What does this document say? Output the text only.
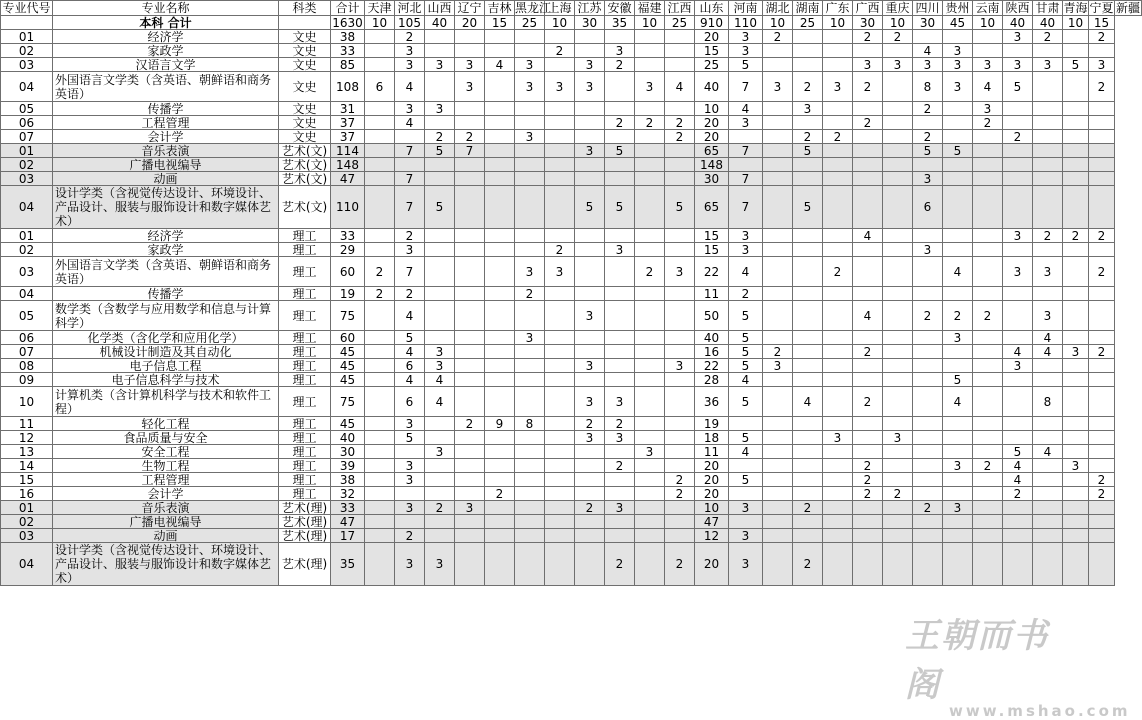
专业代号	专业名称	科类	合计	天津	河北	山西	辽宁	吉林	黑龙江	上海	江苏	安徽	福建	江西	山东	河南	湖北	湖南	广东	广西	重庆	四川	贵州	云南	陕西	甘肃	青海	宁夏	新疆
	本科 合计		1630	10	105	40	20	15	25	10	30	35	10	25	910	110	10	25	10	30	10	30	45	10	40	40	10	15	
01	经济学	文史	38		2										20	3	2			2	2				3	2		2	
02	家政学	文史	33		3					2		3			15	3						4	3						
03	汉语言文学	文史	85		3	3	3	4	3		3	2			25	5				3	3	3	3	3	3	3	5	3	
04	外国语言文学类（含英语、朝鲜语和商务英语）	文史	108	6	4		3		3	3	3		3	4	40	7	3	2	3	2		8	3	4	5			2	
05	传播学	文史	31		3	3									10	4		3				2		3					
06	工程管理	文史	37		4							2	2	2	20	3				2				2					
07	会计学	文史	37			2	2		3					2	20			2	2			2			2				
01	音乐表演	艺术(文)	114		7	5	7				3	5			65	7		5				5	5						
02	广播电视编导	艺术(文)	148												148														
03	动画	艺术(文)	47		7										30	7						3							
04	设计学类（含视觉传达设计、环境设计、产品设计、服装与服饰设计和数字媒体艺术）	艺术(文)	110		7	5					5	5		5	65	7		5				6							
01	经济学	理工	33		2										15	3				4					3	2	2	2	
02	家政学	理工	29		3					2		3			15	3						3							
03	外国语言文学类（含英语、朝鲜语和商务英语）	理工	60	2	7				3	3			2	3	22	4			2				4		3	3		2	
04	传播学	理工	19	2	2				2						11	2													
05	数学类（含数学与应用数学和信息与计算科学）	理工	75		4						3				50	5				4		2	2	2		3			
06	化学类（含化学和应用化学）	理工	60		5				3						40	5							3			4			
07	机械设计制造及其自动化	理工	45		4	3									16	5	2			2					4	4	3	2	
08	电子信息工程	理工	45		6	3					3			3	22	5	3								3				
09	电子信息科学与技术	理工	45		4	4									28	4							5						
10	计算机类（含计算机科学与技术和软件工程）	理工	75		6	4					3	3			36	5		4		2			4			8			
11	轻化工程	理工	45		3		2	9	8		2	2			19														
12	食品质量与安全	理工	40		5						3	3			18	5			3		3								
13	安全工程	理工	30			3							3		11	4									5	4			
14	生物工程	理工	39		3							2			20					2			3	2	4		3		
15	工程管理	理工	38		3									2	20	5				2					4			2	
16	会计学	理工	32					2						2	20					2	2				2			2	
01	音乐表演	艺术(理)	33		3	2	3				2	3			10	3		2				2	3						
02	广播电视编导	艺术(理)	47												47														
03	动画	艺术(理)	17		2										12	3													
04	设计学类（含视觉传达设计、环境设计、产品设计、服装与服饰设计和数字媒体艺术）	艺术(理)	35		3	3						2		2	20	3		2											
王朝而书阁
www.mshao.com
